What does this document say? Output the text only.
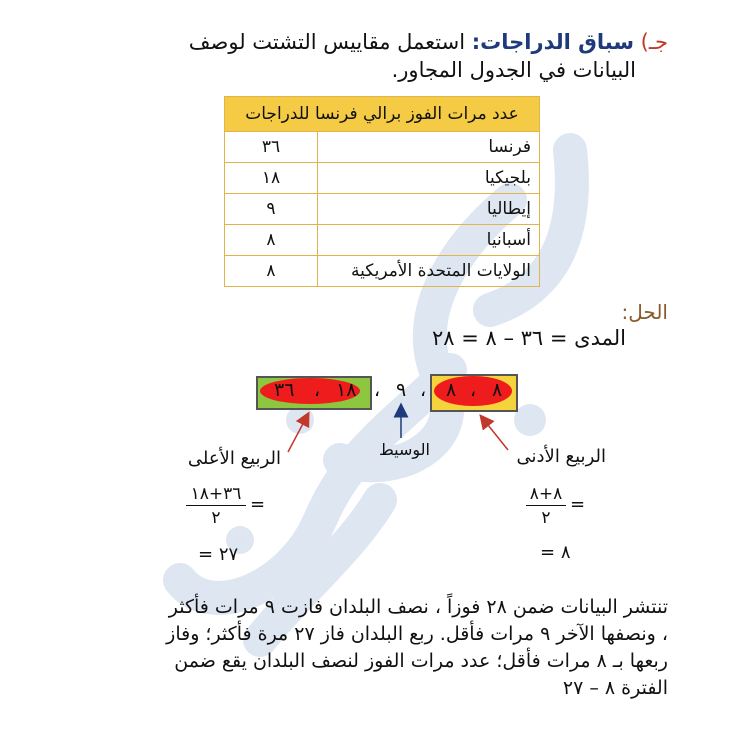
جـ) سباق الدراجات: استعمل مقاييس التشتت لوصف
البيانات في الجدول المجاور.
عدد مرات الفوز برالي فرنسا للدراجات	
فرنسا	٣٦
بلجيكيا	١٨
إيطاليا	٩
أسبانيا	٨
الولايات المتحدة الأمريكية	٨
الحل:
المدى = ٣٦ – ٨ = ٢٨
٣٦ ، ١٨ ، ٩ ، ٨ ، ٨
الربيع الأعلى	الوسيط	الربيع الأدنى
٣٦+١٨
٢
=
٢٧ =
٨+٨
٢
=
٨ =
تنتشر البيانات ضمن ٢٨ فوزاً ، نصف البلدان فازت ٩ مرات فأكثر
، ونصفها الآخر ٩ مرات فأقل. ربع البلدان فاز ٢٧ مرة فأكثر؛ وفاز
ربعها بـ ٨ مرات فأقل؛ عدد مرات الفوز لنصف البلدان يقع ضمن
الفترة ٨ – ٢٧
